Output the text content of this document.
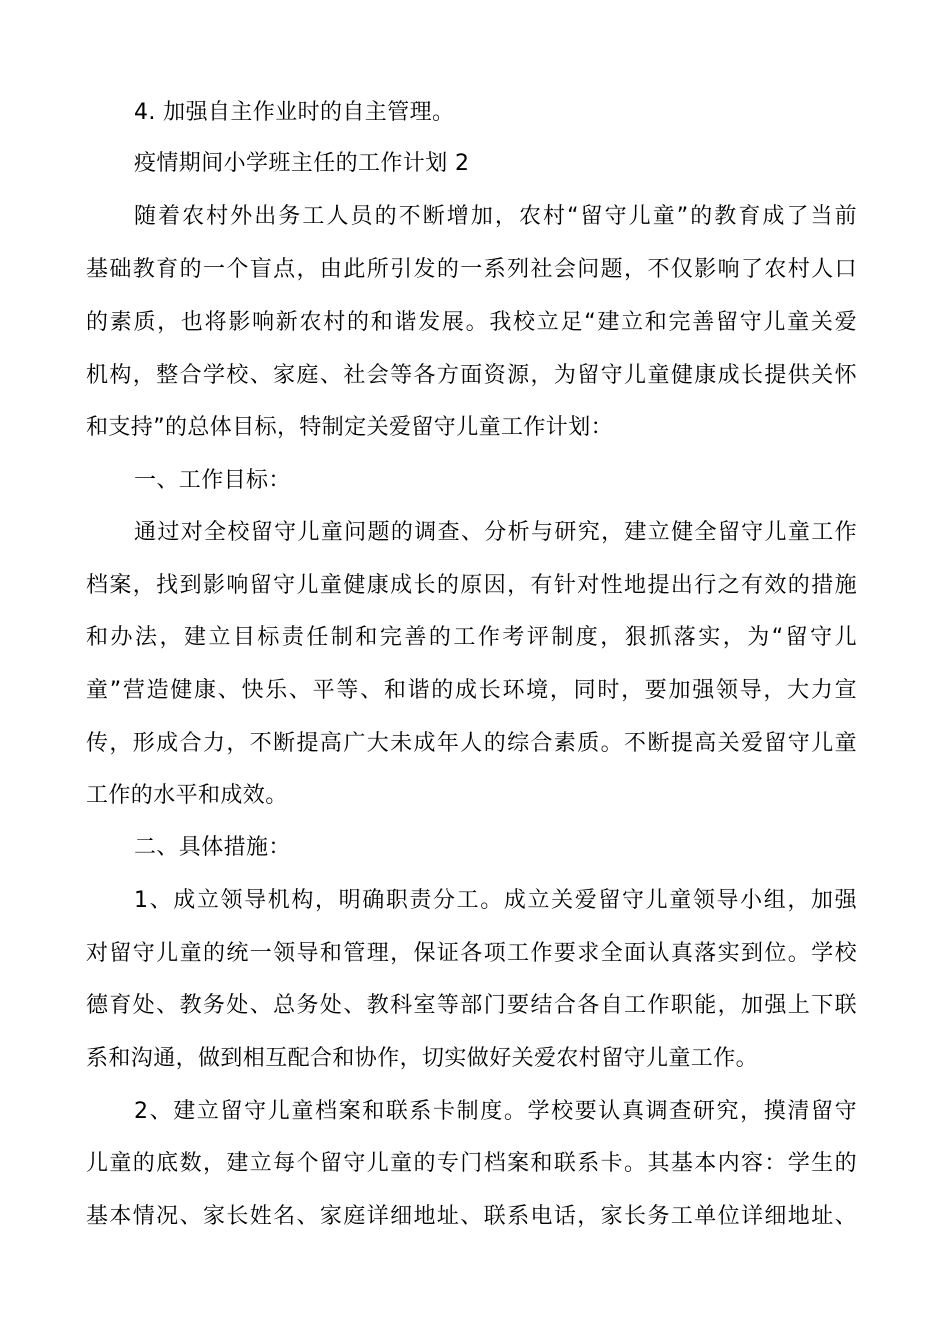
4. 加强自主作业时的自主管理。
疫情期间小学班主任的工作计划 2
随着农村外出务工人员的不断增加，农村“留守儿童”的教育成了当前
基础教育的一个盲点，由此所引发的一系列社会问题，不仅影响了农村人口
的素质，也将影响新农村的和谐发展。我校立足“建立和完善留守儿童关爱
机构，整合学校、家庭、社会等各方面资源，为留守儿童健康成长提供关怀
和支持”的总体目标，特制定关爱留守儿童工作计划：
一、工作目标：
通过对全校留守儿童问题的调查、分析与研究，建立健全留守儿童工作
档案，找到影响留守儿童健康成长的原因，有针对性地提出行之有效的措施
和办法，建立目标责任制和完善的工作考评制度，狠抓落实，为“留守儿
童”营造健康、快乐、平等、和谐的成长环境，同时，要加强领导，大力宣
传，形成合力，不断提高广大未成年人的综合素质。不断提高关爱留守儿童
工作的水平和成效。
二、具体措施：
1、成立领导机构，明确职责分工。成立关爱留守儿童领导小组，加强
对留守儿童的统一领导和管理，保证各项工作要求全面认真落实到位。学校
德育处、教务处、总务处、教科室等部门要结合各自工作职能，加强上下联
系和沟通，做到相互配合和协作，切实做好关爱农村留守儿童工作。
2、建立留守儿童档案和联系卡制度。学校要认真调查研究，摸清留守
儿童的底数，建立每个留守儿童的专门档案和联系卡。其基本内容：学生的
基本情况、家长姓名、家庭详细地址、联系电话，家长务工单位详细地址、
